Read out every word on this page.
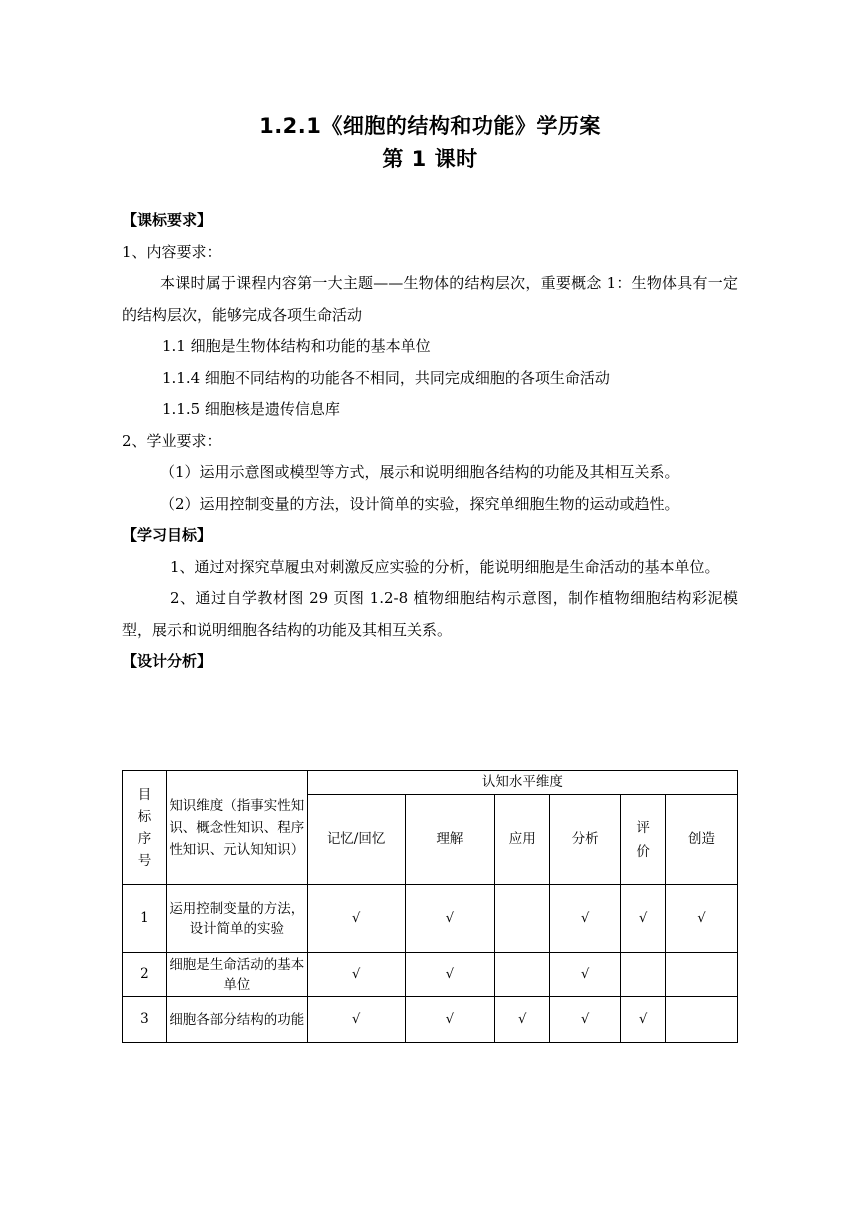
1.2.1《细胞的结构和功能》学历案
第 1 课时

【课标要求】

1、内容要求：

本课时属于课程内容第一大主题——生物体的结构层次，重要概念 1：生物体具有一定的结构层次，能够完成各项生命活动

1.1 细胞是生物体结构和功能的基本单位

1.1.4 细胞不同结构的功能各不相同，共同完成细胞的各项生命活动

1.1.5 细胞核是遗传信息库

2、学业要求：

（1）运用示意图或模型等方式，展示和说明细胞各结构的功能及其相互关系。

（2）运用控制变量的方法，设计简单的实验，探究单细胞生物的运动或趋性。

【学习目标】

1、通过对探究草履虫对刺激反应实验的分析，能说明细胞是生命活动的基本单位。

2、通过自学教材图 29 页图 1.2-8 植物细胞结构示意图，制作植物细胞结构彩泥模型，展示和说明细胞各结构的功能及其相互关系。

【设计分析】

目标序号	知识维度（指事实性知识、概念性知识、程序性知识、元认知知识）	认知水平维度					
		记忆/回忆	理解	应用	分析	评价	创造
1	运用控制变量的方法，设计简单的实验	√	√		√	√	√
2	细胞是生命活动的基本单位	√	√		√		
3	细胞各部分结构的功能	√	√	√	√	√	
